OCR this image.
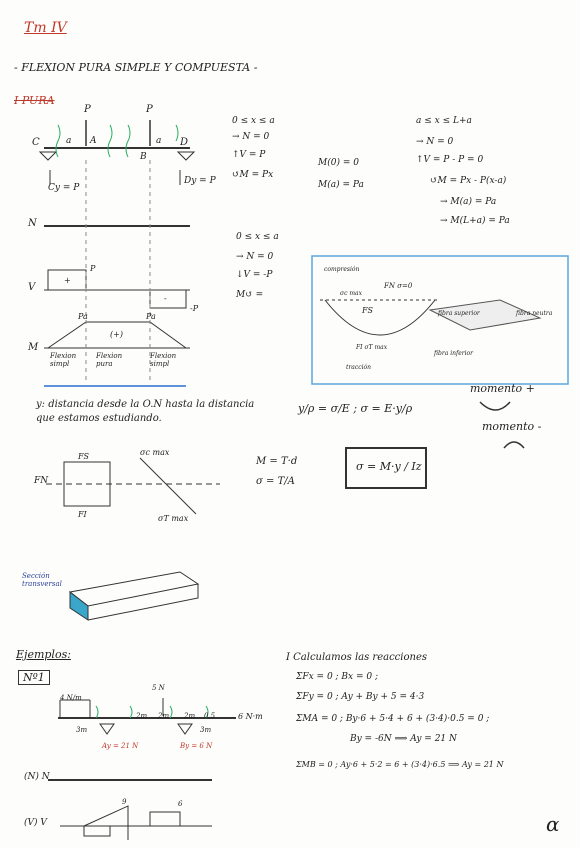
Tm IV
- FLEXION PURA SIMPLE Y COMPUESTA -
I PURA
P	P
C	A
B
D
a	a
Cy = P
Dy = P
N
V
M
P
-P
+
-
Pa	Pa
(+)
Flexion simpl
Flexion pura
Flexion simpl
0 ≤ x ≤ a
→ N = 0
↑V = P
↺M = Px
M(0) = 0
M(a) = Pa
a ≤ x ≤ L+a
→ N = 0
↑V = P - P = 0
↺M = Px - P(x-a)
→ M(a) = Pa
→ M(L+a) = Pa
0 ≤ x ≤ a
→ N = 0
↓V = -P
M↺ =
compresión
FN σ=0
σc max
FS
FI σT max
tracción
fibra superior	fibra neutra
fibra inferior
y: distancia desde la O.N hasta la distancia que estamos estudiando.
y/ρ = σ/E ; σ = E·y/ρ
momento +
momento -
FS	σc max
FN
FI	σT max
M = T·d
σ = T/A
σ = M·y / Iz
Sección transversal
Ejemplos:
Nº1
4 N/m
5 N
6 N·m
3m
2m 2m 2m 0.5
3m
Ay = 21 N	By = 6 N
(N) N
(V) V
9	6
I Calculamos las reacciones
ΣFx = 0 ; Bx = 0 ;
ΣFy = 0 ; Ay + By + 5 = 4·3
ΣMA = 0 ; By·6 + 5·4 + 6 + (3·4)·0.5 = 0 ;
By = -6N ⟹ Ay = 21 N
ΣMB = 0 ; Ay·6 + 5·2 = 6 + (3·4)·6.5 ⟹ Ay = 21 N
α
